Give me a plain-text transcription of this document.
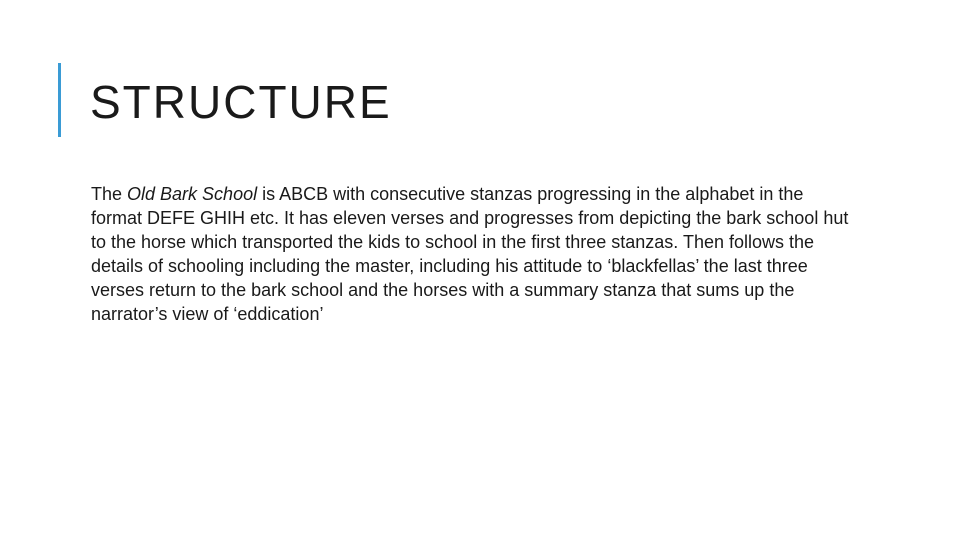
STRUCTURE

The Old Bark School is ABCB with consecutive stanzas progressing in the alphabet in the format DEFE GHIH etc. It has eleven verses and progresses from depicting the bark school hut to the horse which transported the kids to school in the first three stanzas. Then follows the details of schooling including the master, including his attitude to ‘blackfellas’ the last three verses return to the bark school and the horses with a summary stanza that sums up the narrator’s view of ‘eddication’
